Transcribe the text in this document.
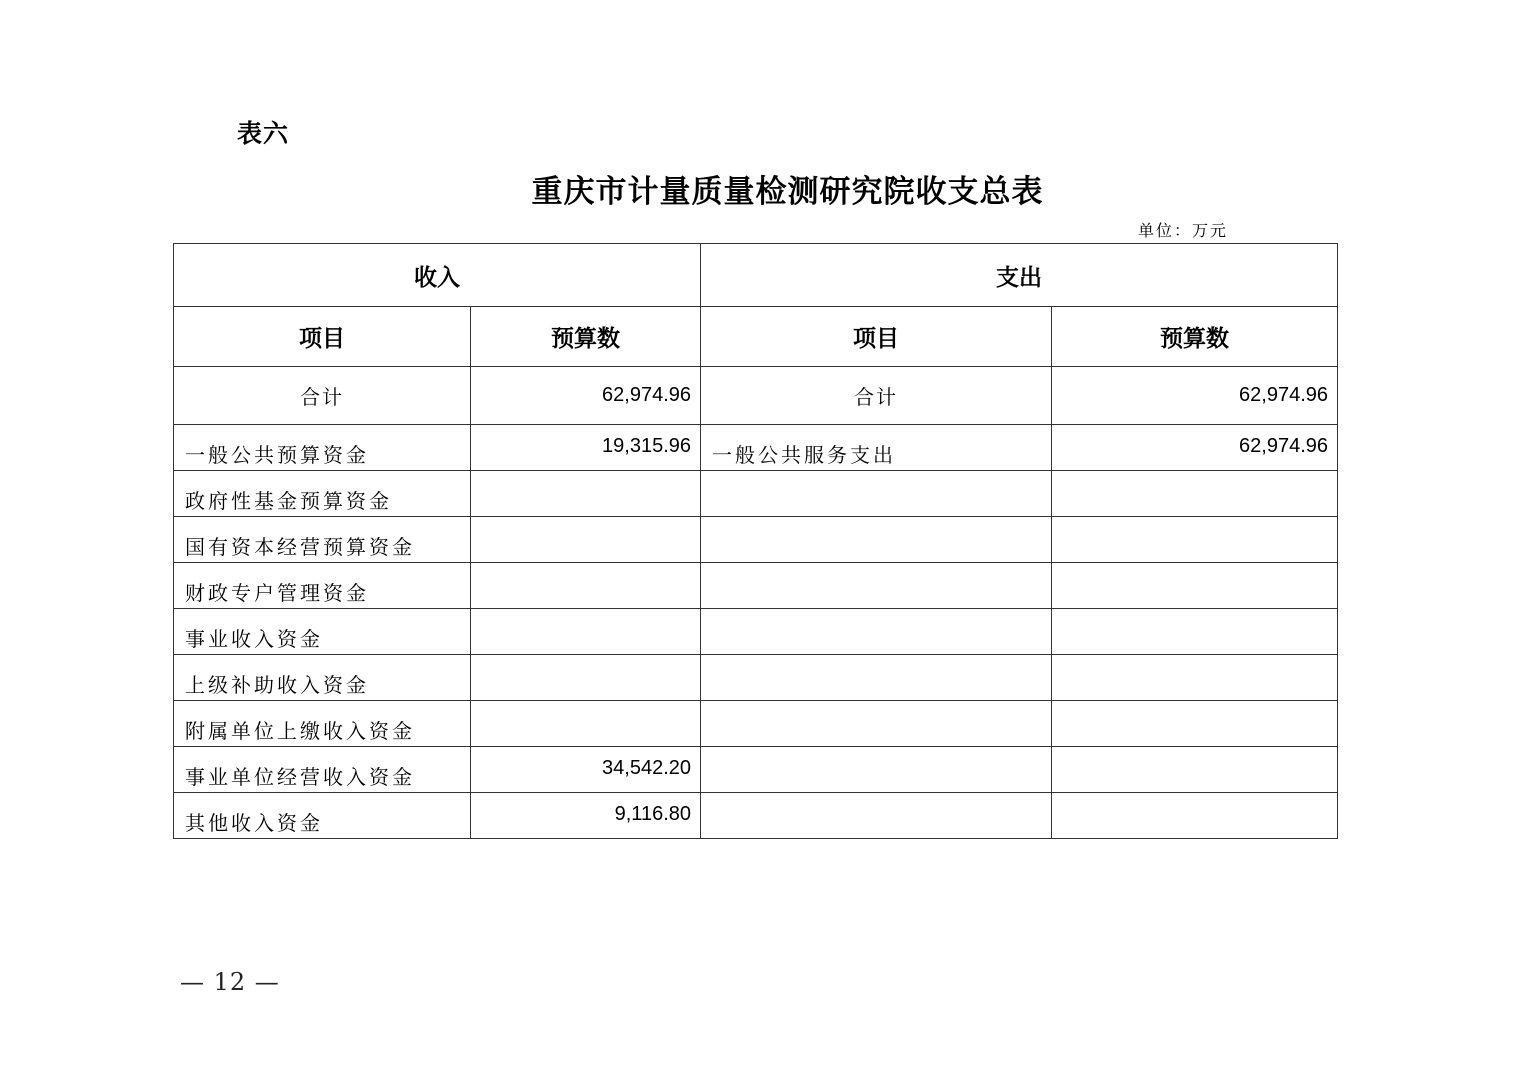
表六
重庆市计量质量检测研究院收支总表
单位：万元
收入		支出	
项目	预算数	项目	预算数
合计	62,974.96	合计	62,974.96
一般公共预算资金	19,315.96	一般公共服务支出	62,974.96
政府性基金预算资金			
国有资本经营预算资金			
财政专户管理资金			
事业收入资金			
上级补助收入资金			
附属单位上缴收入资金			
事业单位经营收入资金	34,542.20		
其他收入资金	9,116.80		
— 12 —
